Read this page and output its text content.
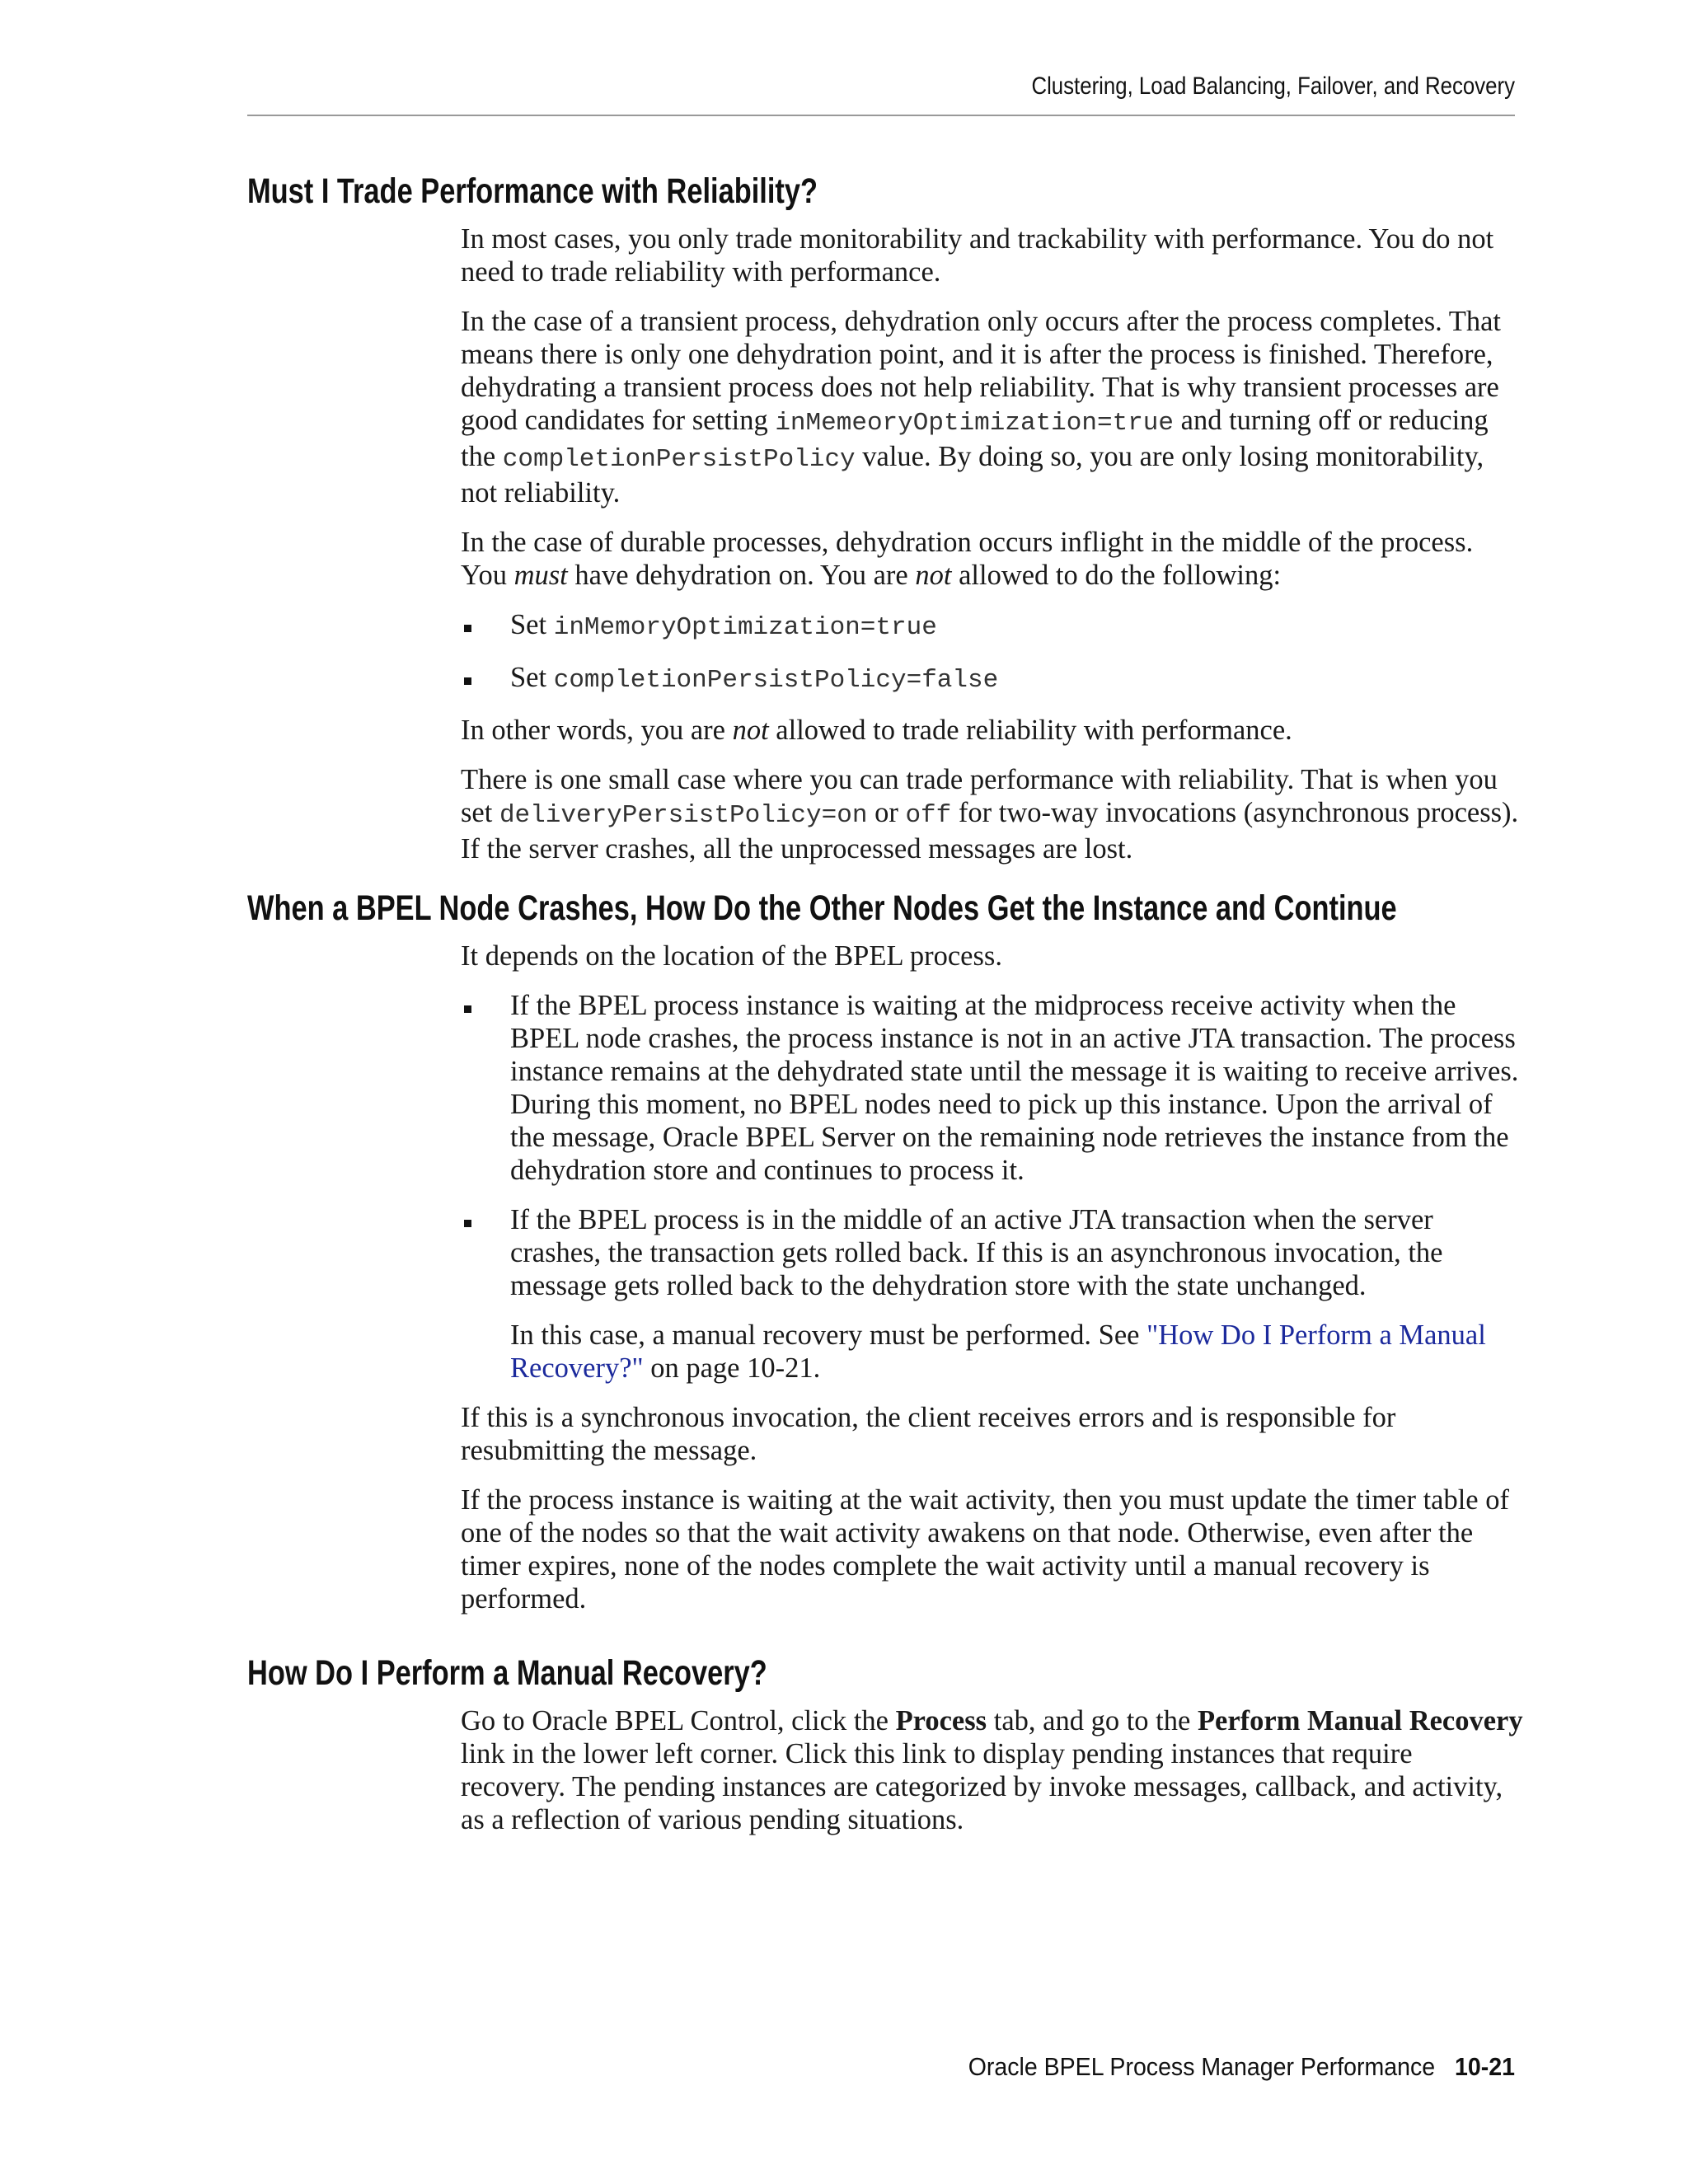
Clustering, Load Balancing, Failover, and Recovery
Must I Trade Performance with Reliability?

In most cases, you only trade monitorability and trackability with performance. You do not need to trade reliability with performance.

In the case of a transient process, dehydration only occurs after the process completes. That means there is only one dehydration point, and it is after the process is finished. Therefore, dehydrating a transient process does not help reliability. That is why transient processes are good candidates for setting inMemeoryOptimization=true and turning off or reducing the completionPersistPolicy value. By doing so, you are only losing monitorability, not reliability.

In the case of durable processes, dehydration occurs inflight in the middle of the process. You must have dehydration on. You are not allowed to do the following:

Set inMemoryOptimization=true
Set completionPersistPolicy=false

In other words, you are not allowed to trade reliability with performance.

There is one small case where you can trade performance with reliability. That is when you set deliveryPersistPolicy=on or off for two-way invocations (asynchronous process). If the server crashes, all the unprocessed messages are lost.

When a BPEL Node Crashes, How Do the Other Nodes Get the Instance and Continue

It depends on the location of the BPEL process.

If the BPEL process instance is waiting at the midprocess receive activity when the BPEL node crashes, the process instance is not in an active JTA transaction. The process instance remains at the dehydrated state until the message it is waiting to receive arrives. During this moment, no BPEL nodes need to pick up this instance. Upon the arrival of the message, Oracle BPEL Server on the remaining node retrieves the instance from the dehydration store and continues to process it.

If the BPEL process is in the middle of an active JTA transaction when the server crashes, the transaction gets rolled back. If this is an asynchronous invocation, the message gets rolled back to the dehydration store with the state unchanged.

In this case, a manual recovery must be performed. See "How Do I Perform a Manual Recovery?" on page 10-21.

If this is a synchronous invocation, the client receives errors and is responsible for resubmitting the message.

If the process instance is waiting at the wait activity, then you must update the timer table of one of the nodes so that the wait activity awakens on that node. Otherwise, even after the timer expires, none of the nodes complete the wait activity until a manual recovery is performed.

How Do I Perform a Manual Recovery?

Go to Oracle BPEL Control, click the Process tab, and go to the Perform Manual Recovery link in the lower left corner. Click this link to display pending instances that require recovery. The pending instances are categorized by invoke messages, callback, and activity, as a reflection of various pending situations.

Oracle BPEL Process Manager Performance 10-21
